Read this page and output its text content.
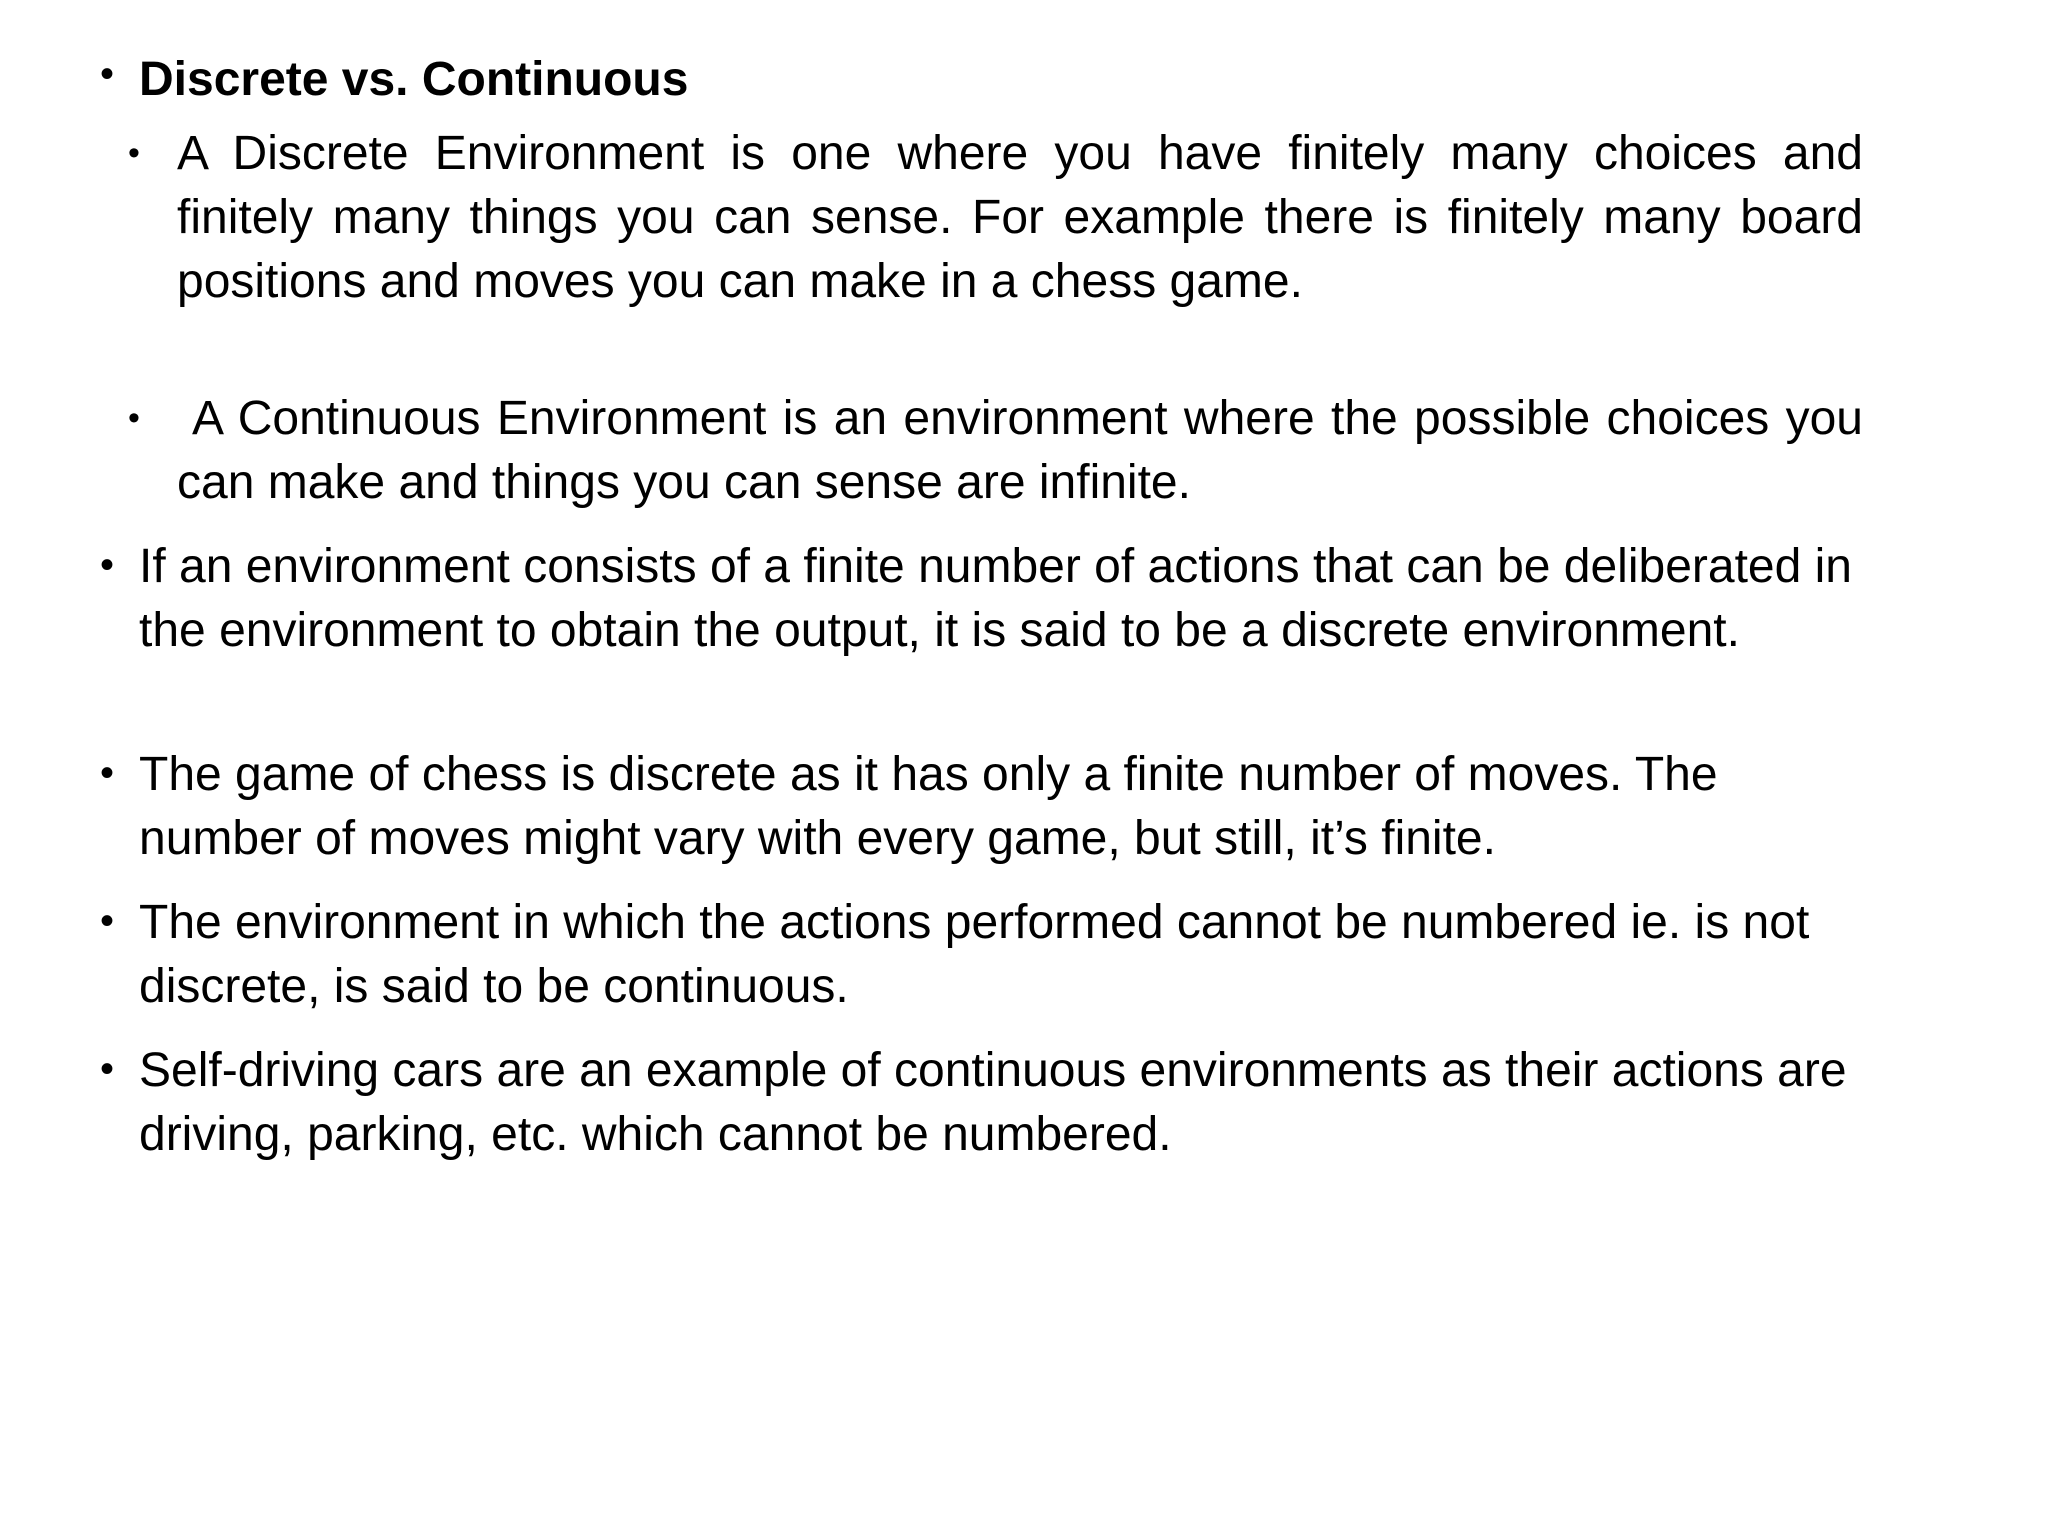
• Discrete vs. Continuous
• A Discrete Environment is one where you have finitely many choices and finitely many things you can sense. For example there is finitely many board positions and moves you can make in a chess game.
•	A Continuous Environment is an environment where the possible choices you can make and things you can sense are infinite.
• If an environment consists of a finite number of actions that can be deliberated in the environment to obtain the output, it is said to be a discrete environment.
• The game of chess is discrete as it has only a finite number of moves. The number of moves might vary with every game, but still, it’s finite.
• The environment in which the actions performed cannot be numbered ie. is not discrete, is said to be continuous.
• Self-driving cars are an example of continuous environments as their actions are driving, parking, etc. which cannot be numbered.
